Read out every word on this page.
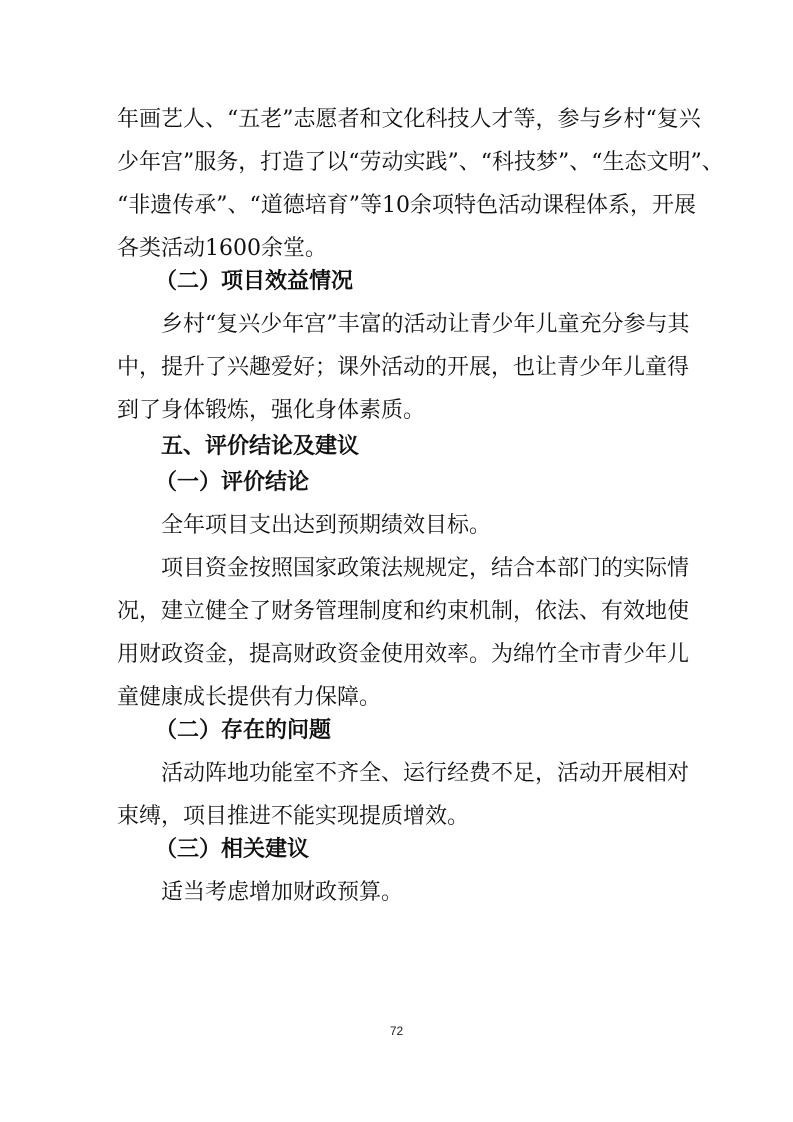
年画艺人、“五老”志愿者和文化科技人才等，参与乡村“复兴
少年宫”服务，打造了以“劳动实践”、“科技梦”、“生态文明”、
“非遗传承”、“道德培育”等10余项特色活动课程体系，开展
各类活动1600余堂。
（二）项目效益情况
乡村“复兴少年宫”丰富的活动让青少年儿童充分参与其
中，提升了兴趣爱好；课外活动的开展，也让青少年儿童得
到了身体锻炼，强化身体素质。
五、评价结论及建议
（一）评价结论
全年项目支出达到预期绩效目标。
项目资金按照国家政策法规规定，结合本部门的实际情
况，建立健全了财务管理制度和约束机制，依法、有效地使
用财政资金，提高财政资金使用效率。为绵竹全市青少年儿
童健康成长提供有力保障。
（二）存在的问题
活动阵地功能室不齐全、运行经费不足，活动开展相对
束缚，项目推进不能实现提质增效。
（三）相关建议
适当考虑增加财政预算。
72
